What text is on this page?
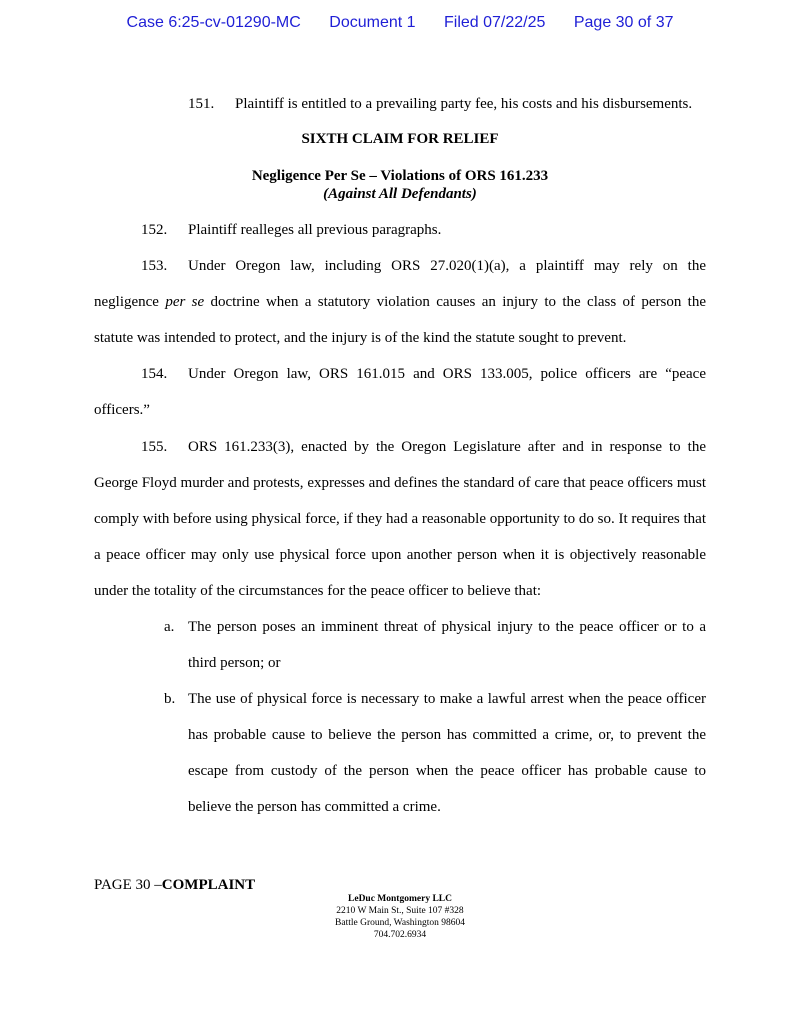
Case 6:25-cv-01290-MC Document 1 Filed 07/22/25 Page 30 of 37

151. Plaintiff is entitled to a prevailing party fee, his costs and his disbursements.

SIXTH CLAIM FOR RELIEF

Negligence Per Se – Violations of ORS 161.233

(Against All Defendants)

152. Plaintiff realleges all previous paragraphs.

153. Under Oregon law, including ORS 27.020(1)(a), a plaintiff may rely on the negligence per se doctrine when a statutory violation causes an injury to the class of person the statute was intended to protect, and the injury is of the kind the statute sought to prevent.

154. Under Oregon law, ORS 161.015 and ORS 133.005, police officers are “peace officers.”

155. ORS 161.233(3), enacted by the Oregon Legislature after and in response to the George Floyd murder and protests, expresses and defines the standard of care that peace officers must comply with before using physical force, if they had a reasonable opportunity to do so. It requires that a peace officer may only use physical force upon another person when it is objectively reasonable under the totality of the circumstances for the peace officer to believe that:

a. The person poses an imminent threat of physical injury to the peace officer or to a third person; or
b. The use of physical force is necessary to make a lawful arrest when the peace officer has probable cause to believe the person has committed a crime, or, to prevent the escape from custody of the person when the peace officer has probable cause to believe the person has committed a crime.
PAGE 30 –COMPLAINT
LeDuc Montgomery LLC
2210 W Main St., Suite 107 #328
Battle Ground, Washington 98604
704.702.6934
